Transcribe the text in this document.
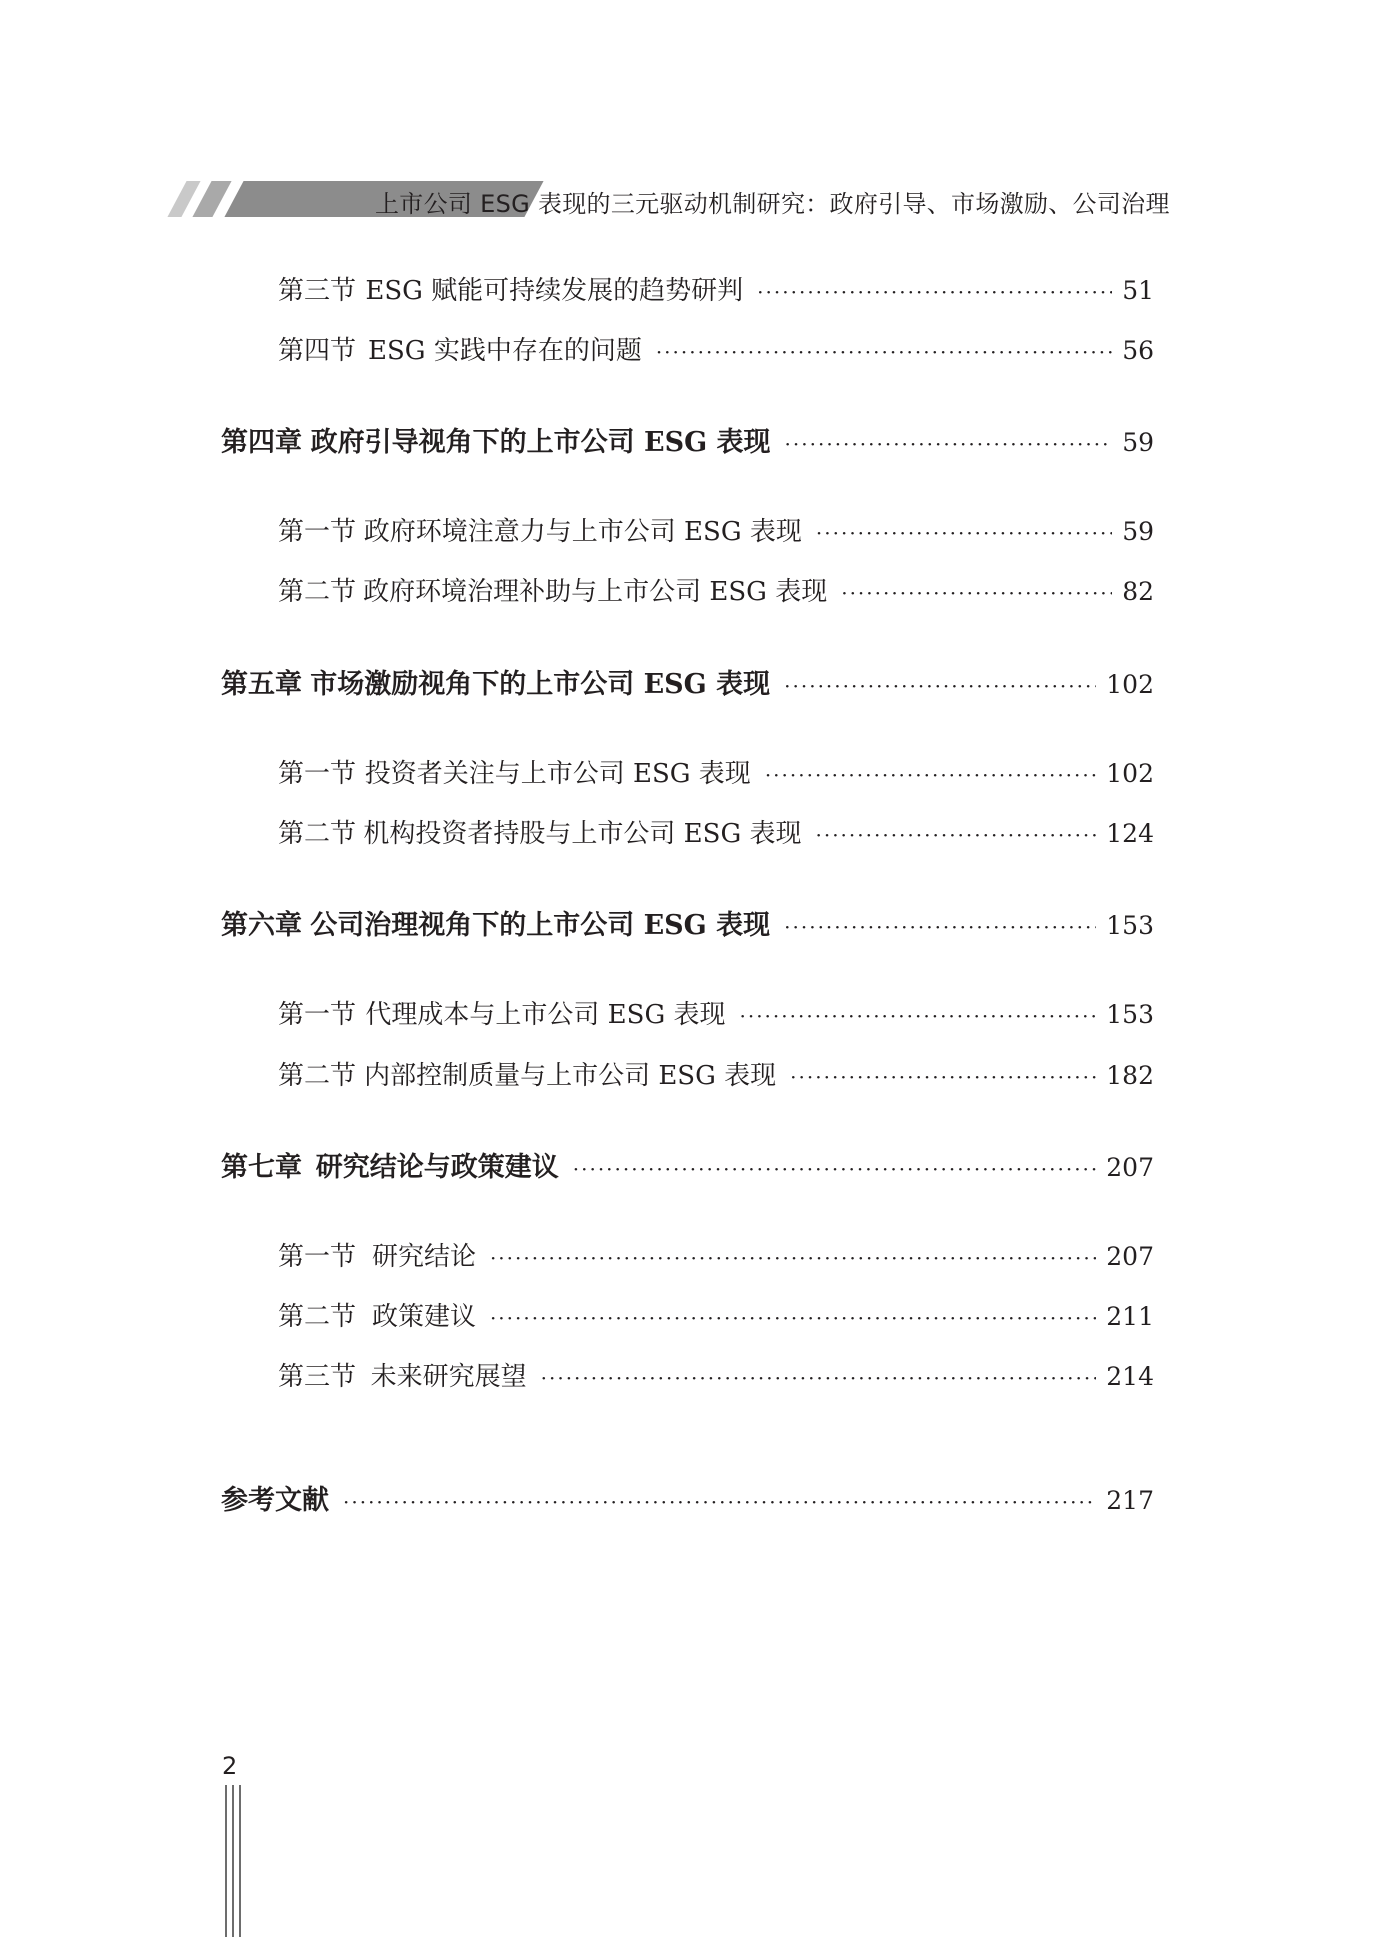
上市公司 ESG 表现的三元驱动机制研究：政府引导、市场激励、公司治理
第三节 ESG 赋能可持续发展的趋势研判 ·····	51
第四节 ESG 实践中存在的问题 ·····	56
第四章 政府引导视角下的上市公司 ESG 表现 ·····	59
第一节 政府环境注意力与上市公司 ESG 表现 ·····	59
第二节 政府环境治理补助与上市公司 ESG 表现 ·····	82
第五章 市场激励视角下的上市公司 ESG 表现 ·····	102
第一节 投资者关注与上市公司 ESG 表现 ·····	102
第二节 机构投资者持股与上市公司 ESG 表现 ·····	124
第六章 公司治理视角下的上市公司 ESG 表现 ·····	153
第一节 代理成本与上市公司 ESG 表现 ·····	153
第二节 内部控制质量与上市公司 ESG 表现 ·····	182
第七章 研究结论与政策建议 ·····	207
第一节 研究结论 ·····	207
第二节 政策建议 ·····	211
第三节 未来研究展望 ·····	214
参考文献 ·····	217
2
